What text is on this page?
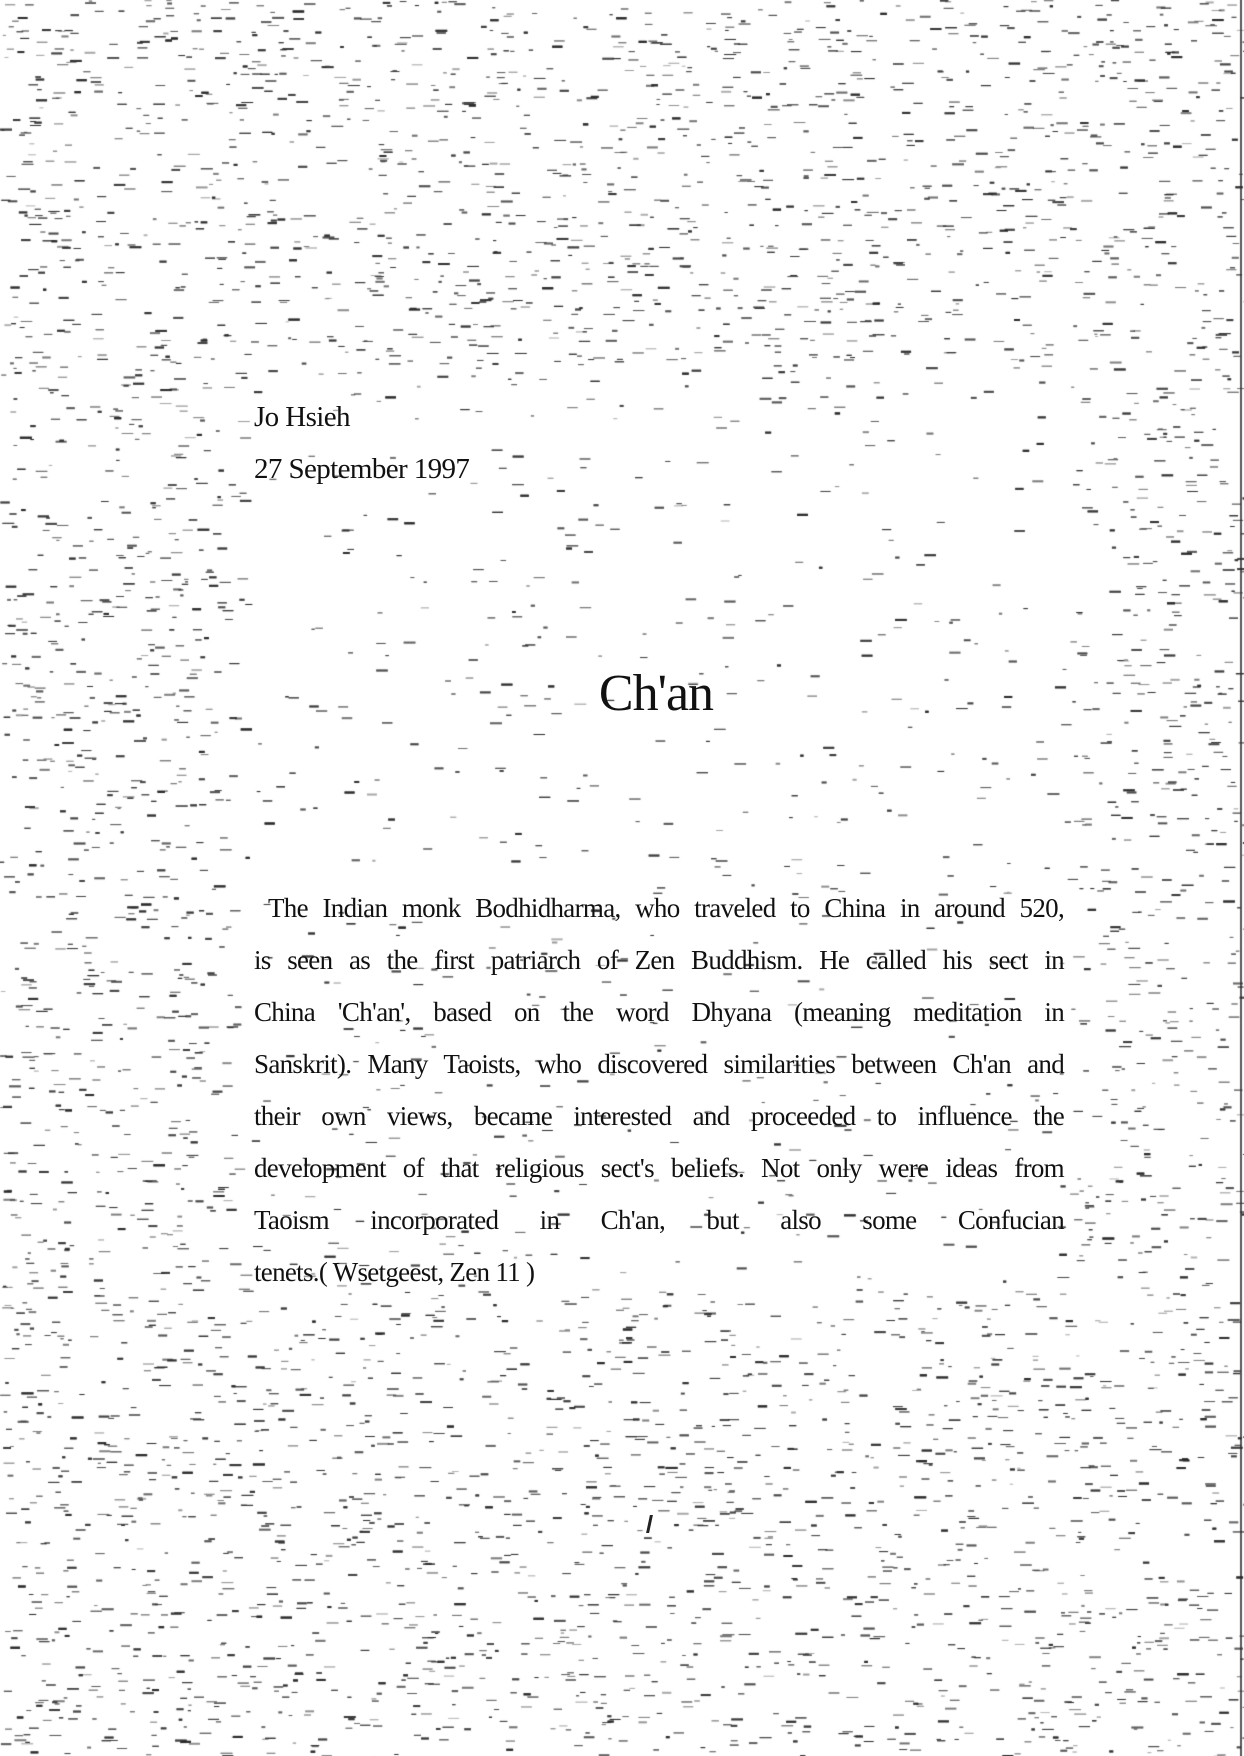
Jo Hsieh
27 September 1997
Ch'an
The Indian monk Bodhidharma, who traveled to China in around 520,
is seen as the first patriarch of Zen Buddhism. He called his sect in
China 'Ch'an', based on the word Dhyana (meaning meditation in
Sanskrit). Many Taoists, who discovered similarities between Ch'an and
their own views, became interested and proceeded to influence the
development of that religious sect's beliefs. Not only were ideas from
Taoism incorporated in Ch'an, but also some Confucian
tenets.( Wsetgeest, Zen 11 )
